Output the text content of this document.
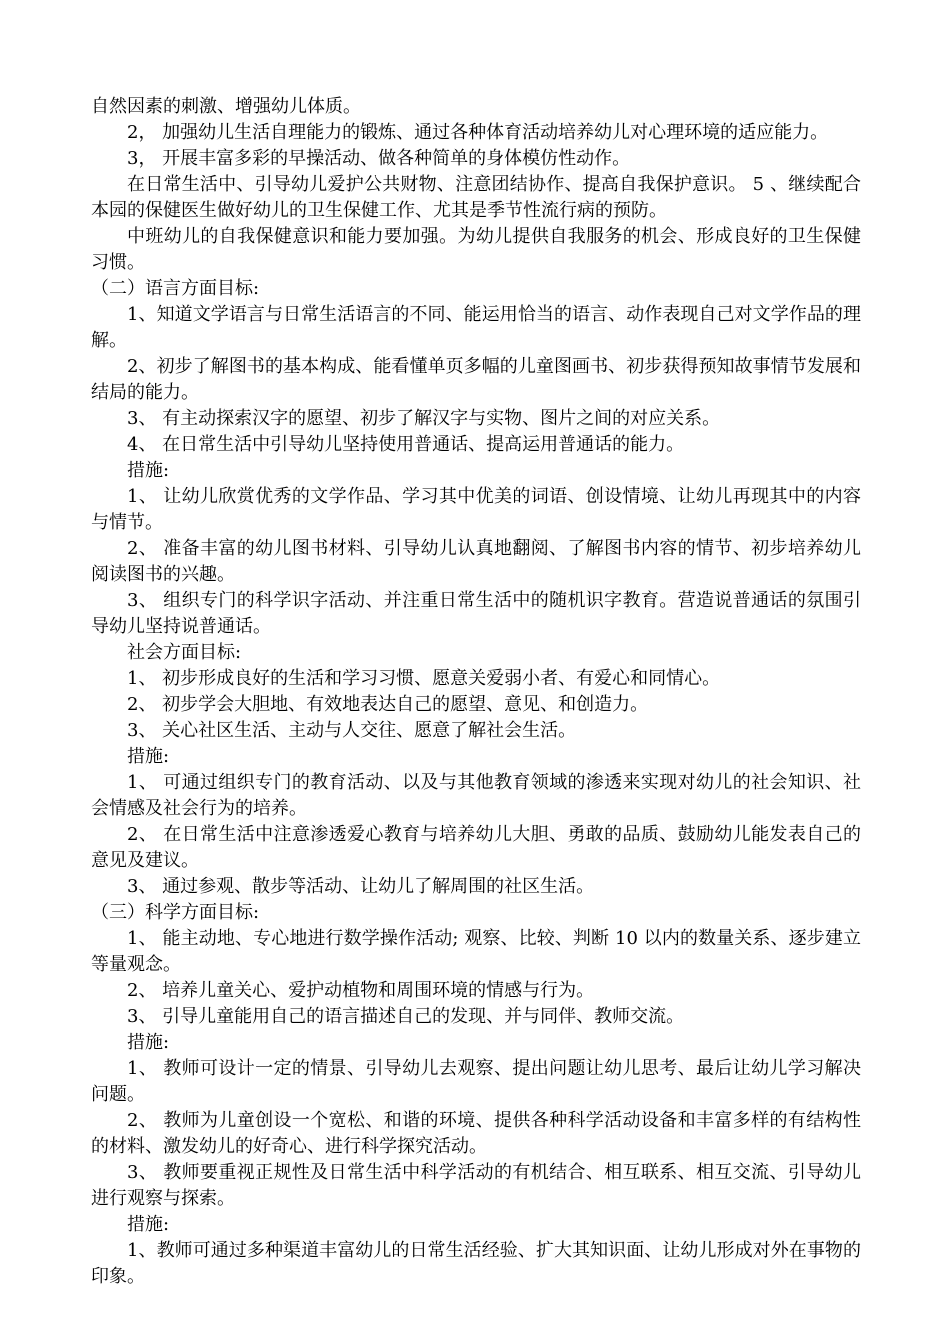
自然因素的刺激、增强幼儿体质。

2， 加强幼儿生活自理能力的锻炼、通过各种体育活动培养幼儿对心理环境的适应能力。

3， 开展丰富多彩的早操活动、做各种简单的身体模仿性动作。

在日常生活中、引导幼儿爱护公共财物、注意团结协作、提高自我保护意识。 5 、继续配合本园的保健医生做好幼儿的卫生保健工作、尤其是季节性流行病的预防。

中班幼儿的自我保健意识和能力要加强。为幼儿提供自我服务的机会、形成良好的卫生保健习惯。

（二）语言方面目标:

1、知道文学语言与日常生活语言的不同、能运用恰当的语言、动作表现自己对文学作品的理解。

2、初步了解图书的基本构成、能看懂单页多幅的儿童图画书、初步获得预知故事情节发展和结局的能力。

3、 有主动探索汉字的愿望、初步了解汉字与实物、图片之间的对应关系。

4、 在日常生活中引导幼儿坚持使用普通话、提高运用普通话的能力。

措施:

1、 让幼儿欣赏优秀的文学作品、学习其中优美的词语、创设情境、让幼儿再现其中的内容与情节。

2、 准备丰富的幼儿图书材料、引导幼儿认真地翻阅、了解图书内容的情节、初步培养幼儿阅读图书的兴趣。

3、 组织专门的科学识字活动、并注重日常生活中的随机识字教育。营造说普通话的氛围引导幼儿坚持说普通话。

社会方面目标:

1、 初步形成良好的生活和学习习惯、愿意关爱弱小者、有爱心和同情心。

2、 初步学会大胆地、有效地表达自己的愿望、意见、和创造力。

3、 关心社区生活、主动与人交往、愿意了解社会生活。

措施:

1、 可通过组织专门的教育活动、以及与其他教育领域的渗透来实现对幼儿的社会知识、社会情感及社会行为的培养。

2、 在日常生活中注意渗透爱心教育与培养幼儿大胆、勇敢的品质、鼓励幼儿能发表自己的意见及建议。

3、 通过参观、散步等活动、让幼儿了解周围的社区生活。

（三）科学方面目标:

1、 能主动地、专心地进行数学操作活动; 观察、比较、判断 10 以内的数量关系、逐步建立等量观念。

2、 培养儿童关心、爱护动植物和周围环境的情感与行为。

3、 引导儿童能用自己的语言描述自己的发现、并与同伴、教师交流。

措施:

1、 教师可设计一定的情景、引导幼儿去观察、提出问题让幼儿思考、最后让幼儿学习解决问题。

2、 教师为儿童创设一个宽松、和谐的环境、提供各种科学活动设备和丰富多样的有结构性的材料、激发幼儿的好奇心、进行科学探究活动。

3、 教师要重视正规性及日常生活中科学活动的有机结合、相互联系、相互交流、引导幼儿进行观察与探索。

措施:

1、教师可通过多种渠道丰富幼儿的日常生活经验、扩大其知识面、让幼儿形成对外在事物的印象。
